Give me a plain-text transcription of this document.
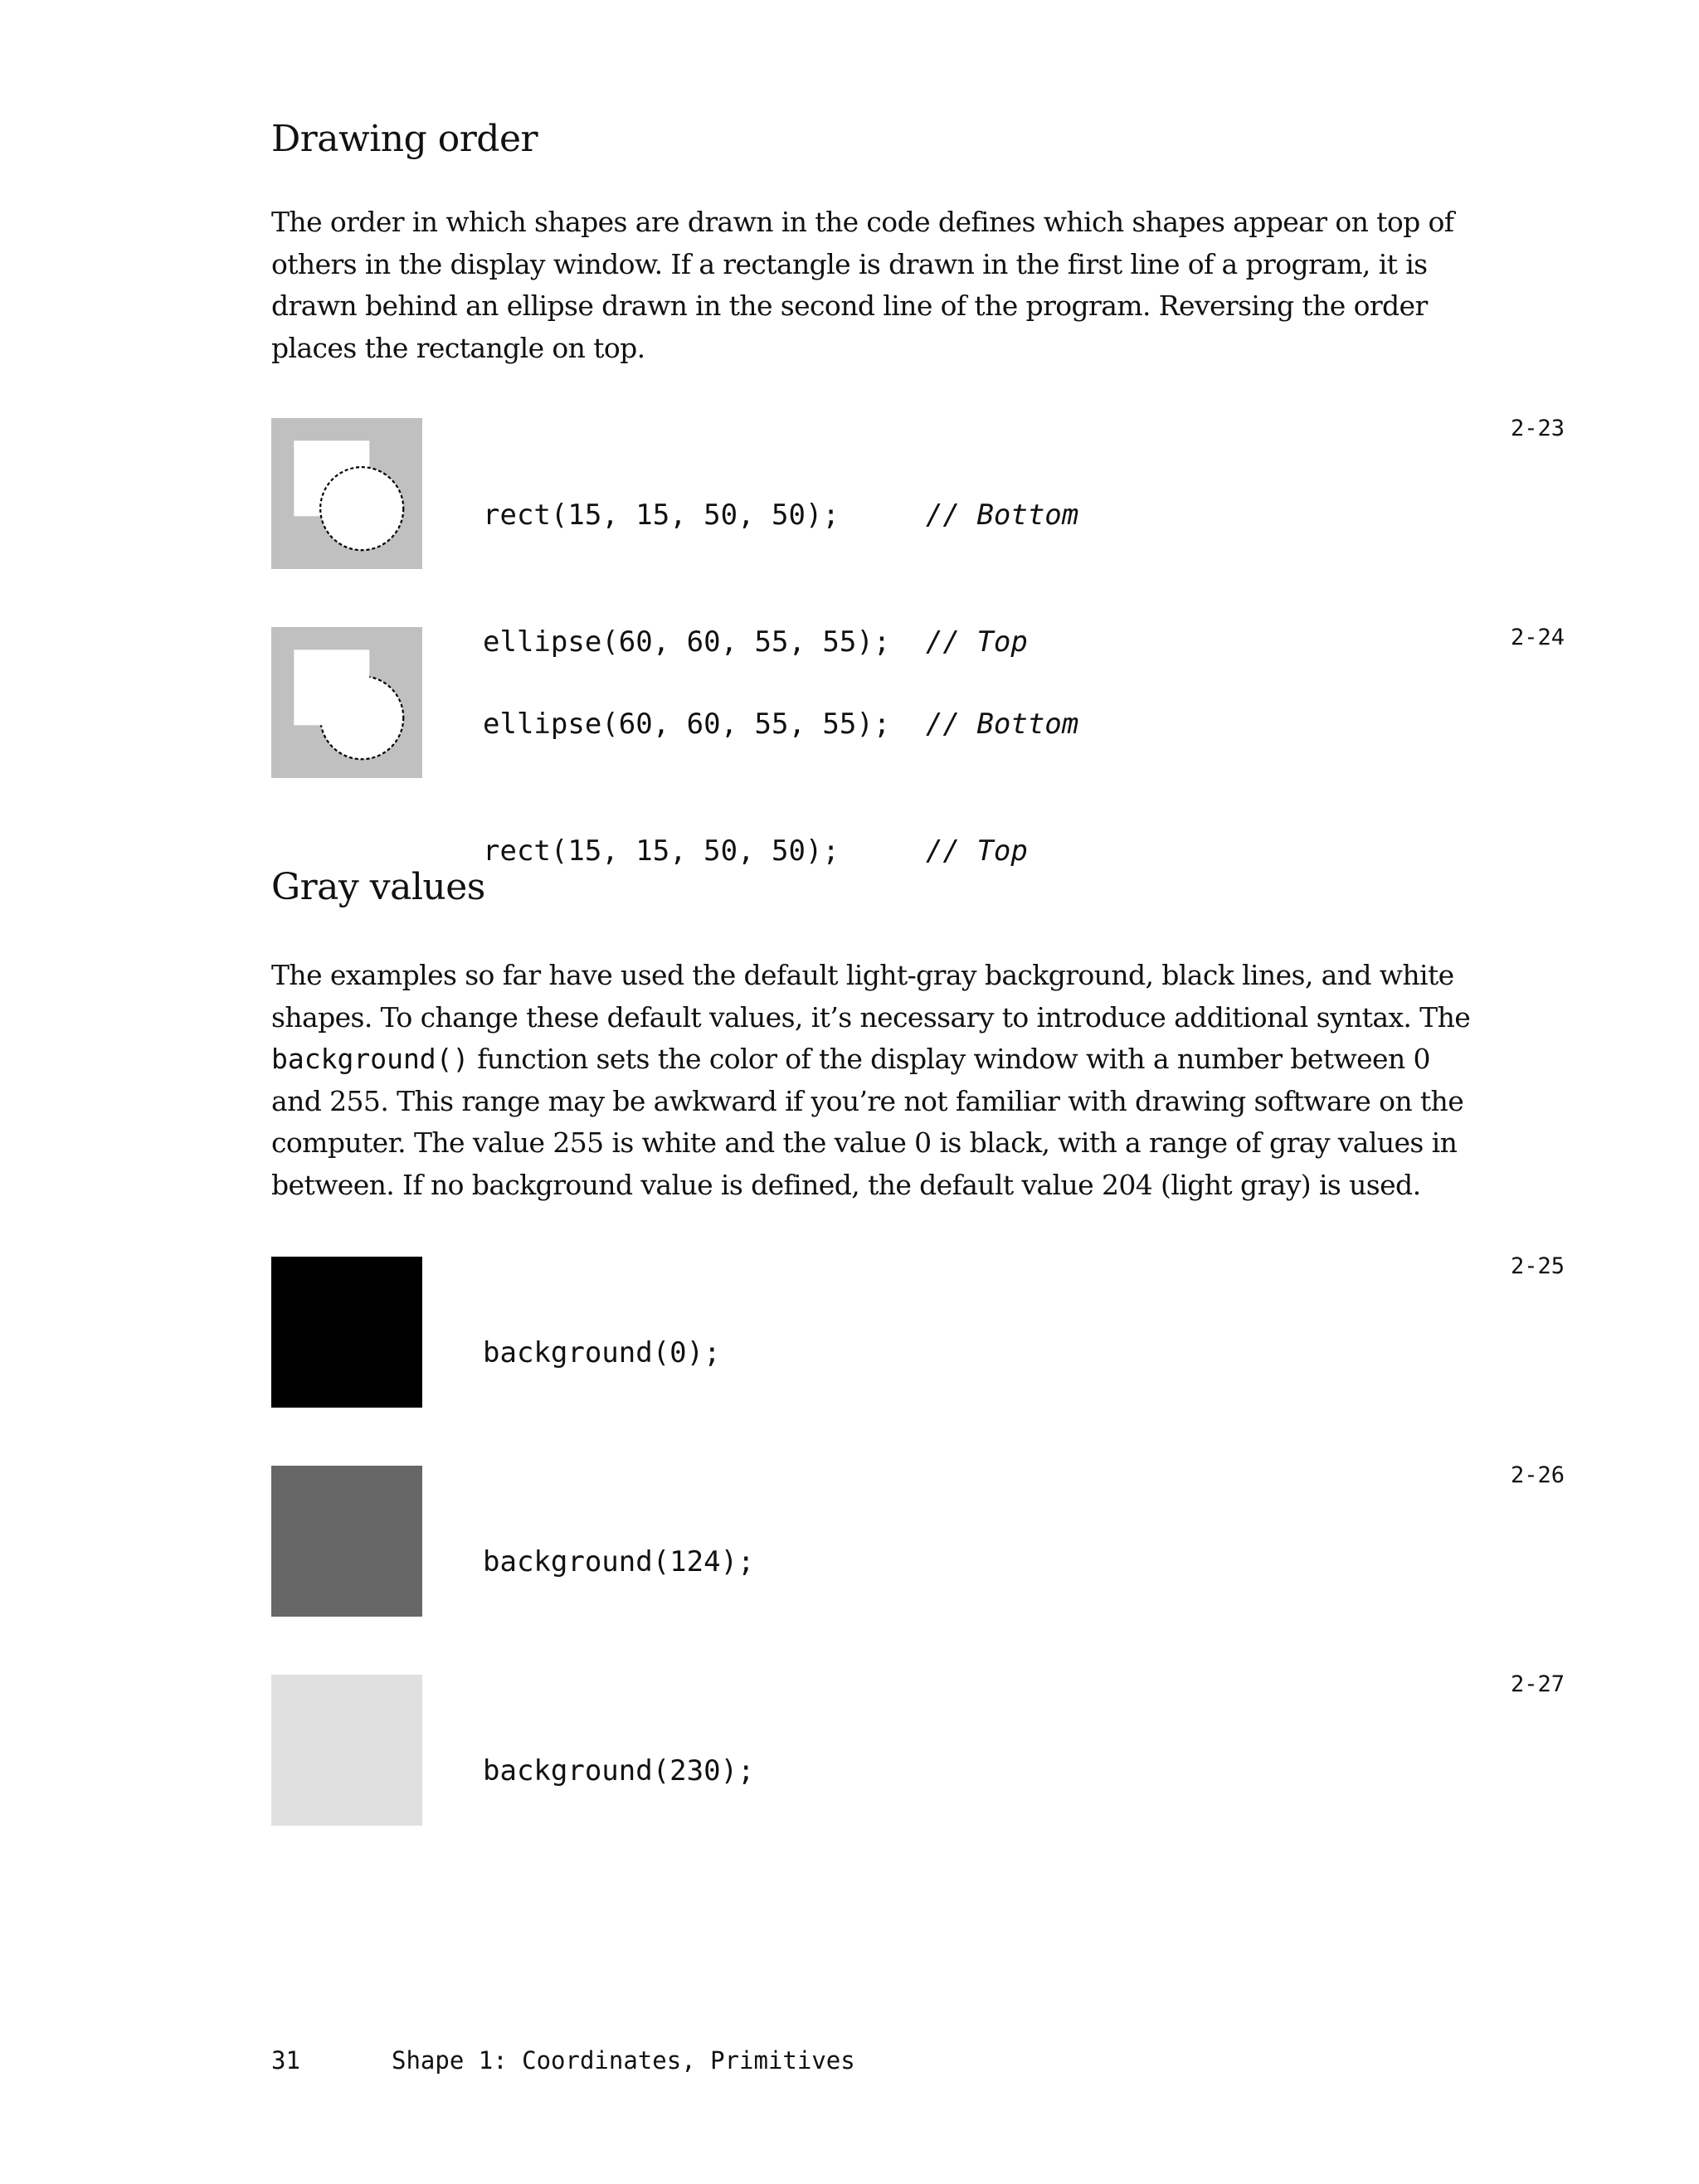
Drawing order

The order in which shapes are drawn in the code defines which shapes appear on top of others in the display window. If a rectangle is drawn in the first line of a program, it is drawn behind an ellipse drawn in the second line of the program. Reversing the order places the rectangle on top.

rect(15, 15, 50, 50);	// Bottom

ellipse(60, 60, 55, 55); // Top

2-23

ellipse(60, 60, 55, 55); // Bottom

rect(15, 15, 50, 50);	// Top

2-24

Gray values

The examples so far have used the default light-gray background, black lines, and white shapes. To change these default values, it’s necessary to introduce additional syntax. The background() function sets the color of the display window with a number between 0 and 255. This range may be awkward if you’re not familiar with drawing software on the computer. The value 255 is white and the value 0 is black, with a range of gray values in between. If no background value is defined, the default value 204 (light gray) is used.

background(0);

2-25

background(124);

2-26

background(230);

2-27

31	Shape 1: Coordinates, Primitives
